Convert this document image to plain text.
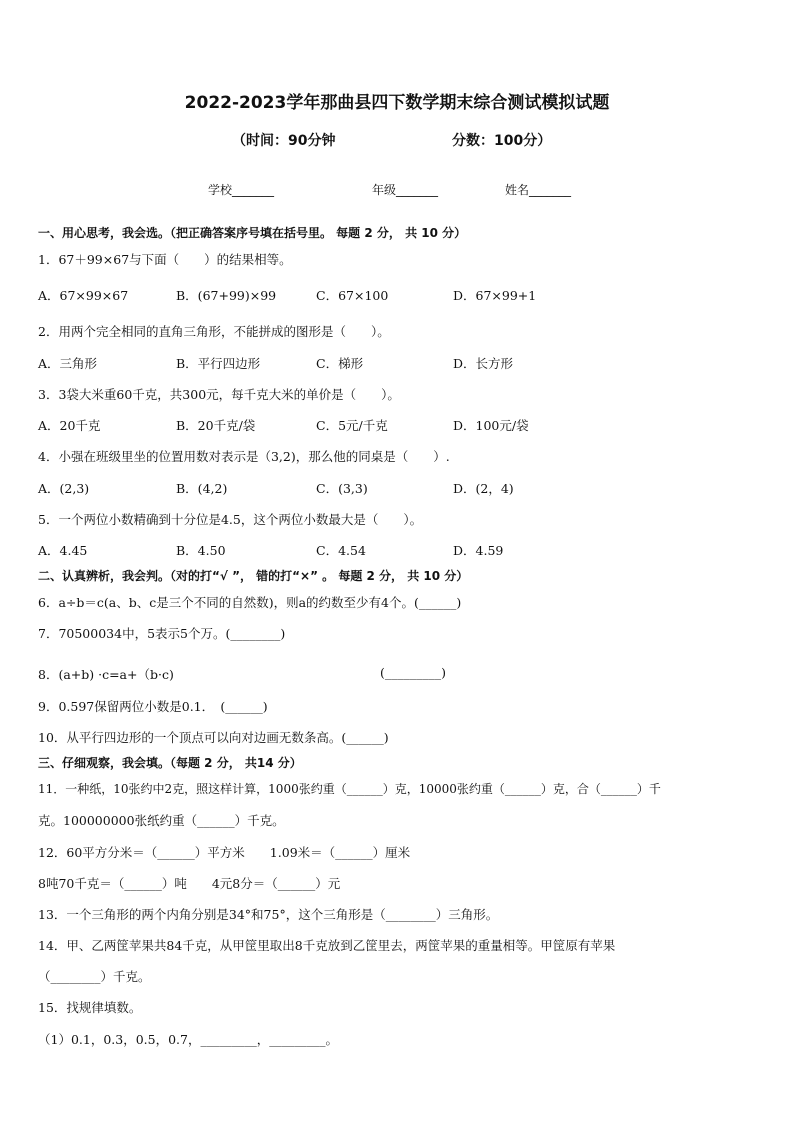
2022-2023学年那曲县四下数学期末综合测试模拟试题
（时间：90分钟	分数：100分）
学校_______	年级_______	姓名_______
一、用心思考，我会选。（把正确答案序号填在括号里。 每题 2 分， 共 10 分）
1．67＋99×67与下面（　　）的结果相等。
A．67×99×67	B．(67+99)×99	C．67×100	D．67×99+1
2．用两个完全相同的直角三角形，不能拼成的图形是（　　）。
A．三角形	B．平行四边形	C．梯形	D．长方形
3．3袋大米重60千克，共300元，每千克大米的单价是（　　）。
A．20千克	B．20千克/袋	C．5元/千克	D．100元/袋
4．小强在班级里坐的位置用数对表示是（3,2)，那么他的同桌是（　　）.
A．(2,3)	B．(4,2)	C．(3,3)	D．(2，4)
5．一个两位小数精确到十分位是4.5，这个两位小数最大是（　　）。
A．4.45	B．4.50	C．4.54	D．4.59
二、认真辨析，我会判。（对的打“√ ”， 错的打“×” 。 每题 2 分， 共 10 分）
6．a÷b＝c(a、b、c是三个不同的自然数)，则a的约数至少有4个。(______)
7．70500034中，5表示5个万。(________)
8．(a+b) ·c=a+（b·c)	(_________)
9．0.597保留两位小数是0.1．　(______)
10．从平行四边形的一个顶点可以向对边画无数条高。(______)
三、仔细观察，我会填。（每题 2 分， 共14 分）
11．一种纸，10张约中2克，照这样计算，1000张约重（______）克，10000张约重（______）克，合（______）千
克。100000000张纸约重（______）千克。
12．60平方分米＝（______）平方米　　1.09米＝（______）厘米
8吨70千克＝（______）吨　　4元8分＝（______）元
13．一个三角形的两个内角分别是34°和75°，这个三角形是（________）三角形。
14．甲、乙两筐苹果共84千克，从甲筐里取出8千克放到乙筐里去，两筐苹果的重量相等。甲筐原有苹果
（________）千克。
15．找规律填数。
（1）0.1，0.3，0.5，0.7，_________，_________。
